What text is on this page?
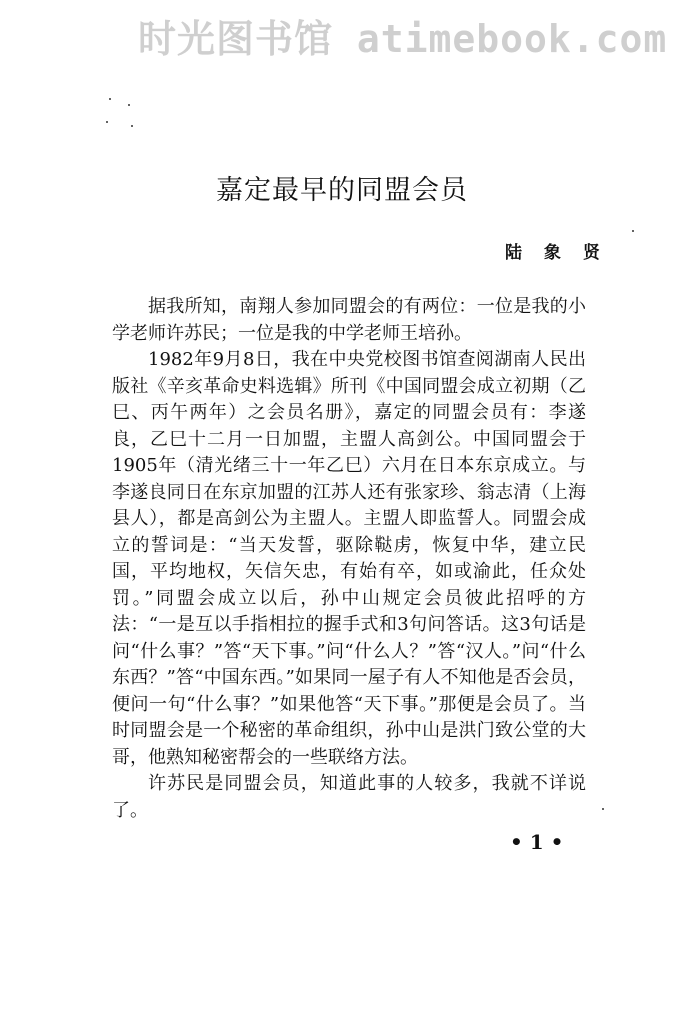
时光图书馆 atimebook.com
嘉定最早的同盟会员
陆 象 贤

据我所知，南翔人参加同盟会的有两位：一位是我的小学老师许苏民；一位是我的中学老师王培孙。

1982年9月8日，我在中央党校图书馆查阅湖南人民出版社《辛亥革命史料选辑》所刊《中国同盟会成立初期（乙巳、丙午两年）之会员名册》，嘉定的同盟会员有：李遂良，乙巳十二月一日加盟，主盟人高剑公。中国同盟会于1905年（清光绪三十一年乙巳）六月在日本东京成立。与李遂良同日在东京加盟的江苏人还有张家珍、翁志清（上海县人），都是高剑公为主盟人。主盟人即监誓人。同盟会成立的誓词是：“当天发誓，驱除鞑虏，恢复中华，建立民国，平均地权，矢信矢忠，有始有卒，如或渝此，任众处罚。”同盟会成立以后，孙中山规定会员彼此招呼的方法：“一是互以手指相拉的握手式和3句问答话。这3句话是问“什么事？”答“天下事。”问“什么人？”答“汉人。”问“什么东西？”答“中国东西。”如果同一屋子有人不知他是否会员，便问一句“什么事？”如果他答“天下事。”那便是会员了。当时同盟会是一个秘密的革命组织，孙中山是洪门致公堂的大哥，他熟知秘密帮会的一些联络方法。

许苏民是同盟会员，知道此事的人较多，我就不详说了。

• 1 •
